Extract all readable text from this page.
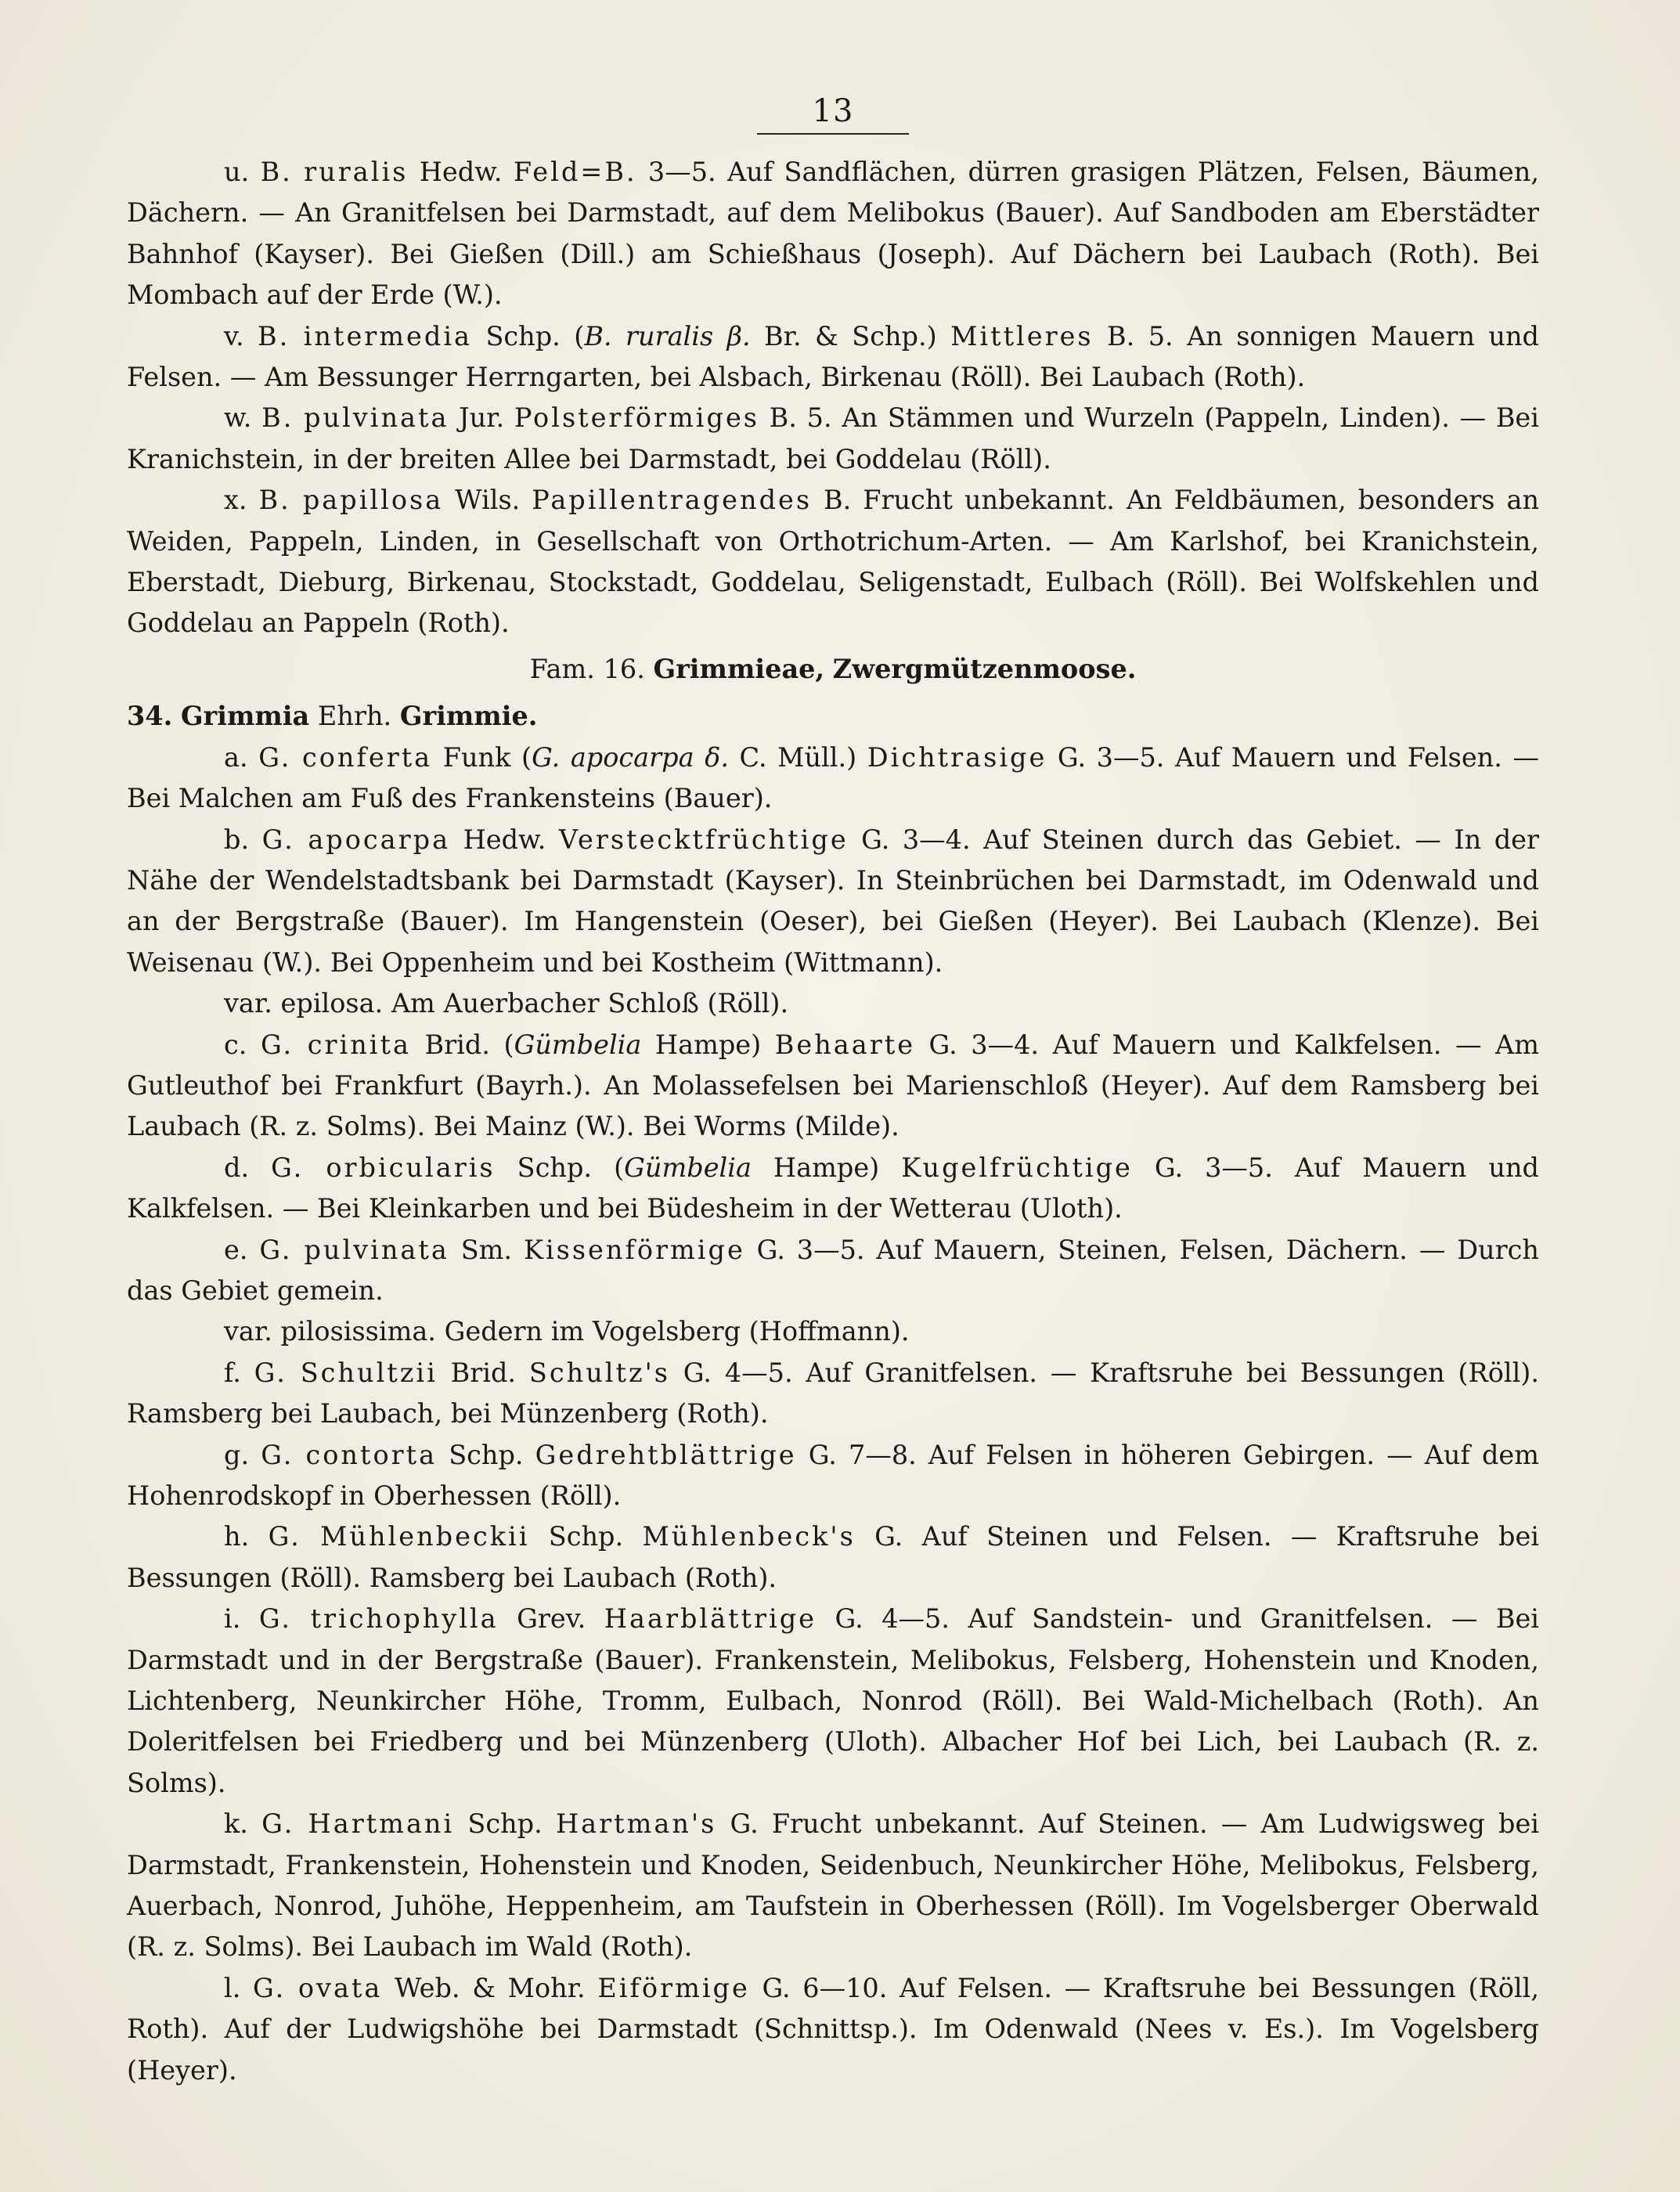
13

u. B. ruralis Hedw. Feld=B. 3—5. Auf Sandflächen, dürren grasigen Plätzen, Felsen, Bäumen, Dächern. — An Granitfelsen bei Darmstadt, auf dem Melibokus (Bauer). Auf Sandboden am Eberstädter Bahnhof (Kayser). Bei Gießen (Dill.) am Schießhaus (Joseph). Auf Dächern bei Laubach (Roth). Bei Mombach auf der Erde (W.).

v. B. intermedia Schp. (B. ruralis β. Br. & Schp.) Mittleres B. 5. An sonnigen Mauern und Felsen. — Am Bessunger Herrngarten, bei Alsbach, Birkenau (Röll). Bei Laubach (Roth).

w. B. pulvinata Jur. Polsterförmiges B. 5. An Stämmen und Wurzeln (Pappeln, Linden). — Bei Kranichstein, in der breiten Allee bei Darmstadt, bei Goddelau (Röll).

x. B. papillosa Wils. Papillentragendes B. Frucht unbekannt. An Feldbäumen, besonders an Weiden, Pappeln, Linden, in Gesellschaft von Orthotrichum-Arten. — Am Karlshof, bei Kranichstein, Eberstadt, Dieburg, Birkenau, Stockstadt, Goddelau, Seligenstadt, Eulbach (Röll). Bei Wolfskehlen und Goddelau an Pappeln (Roth).

Fam. 16. Grimmieae, Zwergmützenmoose.

34. Grimmia Ehrh. Grimmie.

a. G. conferta Funk (G. apocarpa δ. C. Müll.) Dichtrasige G. 3—5. Auf Mauern und Felsen. — Bei Malchen am Fuß des Frankensteins (Bauer).

b. G. apocarpa Hedw. Verstecktfrüchtige G. 3—4. Auf Steinen durch das Gebiet. — In der Nähe der Wendelstadtsbank bei Darmstadt (Kayser). In Steinbrüchen bei Darmstadt, im Odenwald und an der Bergstraße (Bauer). Im Hangenstein (Oeser), bei Gießen (Heyer). Bei Laubach (Klenze). Bei Weisenau (W.). Bei Oppenheim und bei Kostheim (Wittmann).

var. epilosa. Am Auerbacher Schloß (Röll).

c. G. crinita Brid. (Gümbelia Hampe) Behaarte G. 3—4. Auf Mauern und Kalkfelsen. — Am Gutleuthof bei Frankfurt (Bayrh.). An Molassefelsen bei Marienschloß (Heyer). Auf dem Ramsberg bei Laubach (R. z. Solms). Bei Mainz (W.). Bei Worms (Milde).

d. G. orbicularis Schp. (Gümbelia Hampe) Kugelfrüchtige G. 3—5. Auf Mauern und Kalkfelsen. — Bei Kleinkarben und bei Büdesheim in der Wetterau (Uloth).

e. G. pulvinata Sm. Kissenförmige G. 3—5. Auf Mauern, Steinen, Felsen, Dächern. — Durch das Gebiet gemein.

var. pilosissima. Gedern im Vogelsberg (Hoffmann).

f. G. Schultzii Brid. Schultz's G. 4—5. Auf Granitfelsen. — Kraftsruhe bei Bessungen (Röll). Ramsberg bei Laubach, bei Münzenberg (Roth).

g. G. contorta Schp. Gedrehtblättrige G. 7—8. Auf Felsen in höheren Gebirgen. — Auf dem Hohenrodskopf in Oberhessen (Röll).

h. G. Mühlenbeckii Schp. Mühlenbeck's G. Auf Steinen und Felsen. — Kraftsruhe bei Bessungen (Röll). Ramsberg bei Laubach (Roth).

i. G. trichophylla Grev. Haarblättrige G. 4—5. Auf Sandstein- und Granitfelsen. — Bei Darmstadt und in der Bergstraße (Bauer). Frankenstein, Melibokus, Felsberg, Hohenstein und Knoden, Lichtenberg, Neunkircher Höhe, Tromm, Eulbach, Nonrod (Röll). Bei Wald-Michelbach (Roth). An Doleritfelsen bei Friedberg und bei Münzenberg (Uloth). Albacher Hof bei Lich, bei Laubach (R. z. Solms).

k. G. Hartmani Schp. Hartman's G. Frucht unbekannt. Auf Steinen. — Am Ludwigsweg bei Darmstadt, Frankenstein, Hohenstein und Knoden, Seidenbuch, Neunkircher Höhe, Melibokus, Felsberg, Auerbach, Nonrod, Juhöhe, Heppenheim, am Taufstein in Oberhessen (Röll). Im Vogelsberger Oberwald (R. z. Solms). Bei Laubach im Wald (Roth).

l. G. ovata Web. & Mohr. Eiförmige G. 6—10. Auf Felsen. — Kraftsruhe bei Bessungen (Röll, Roth). Auf der Ludwigshöhe bei Darmstadt (Schnittsp.). Im Odenwald (Nees v. Es.). Im Vogelsberg (Heyer).
